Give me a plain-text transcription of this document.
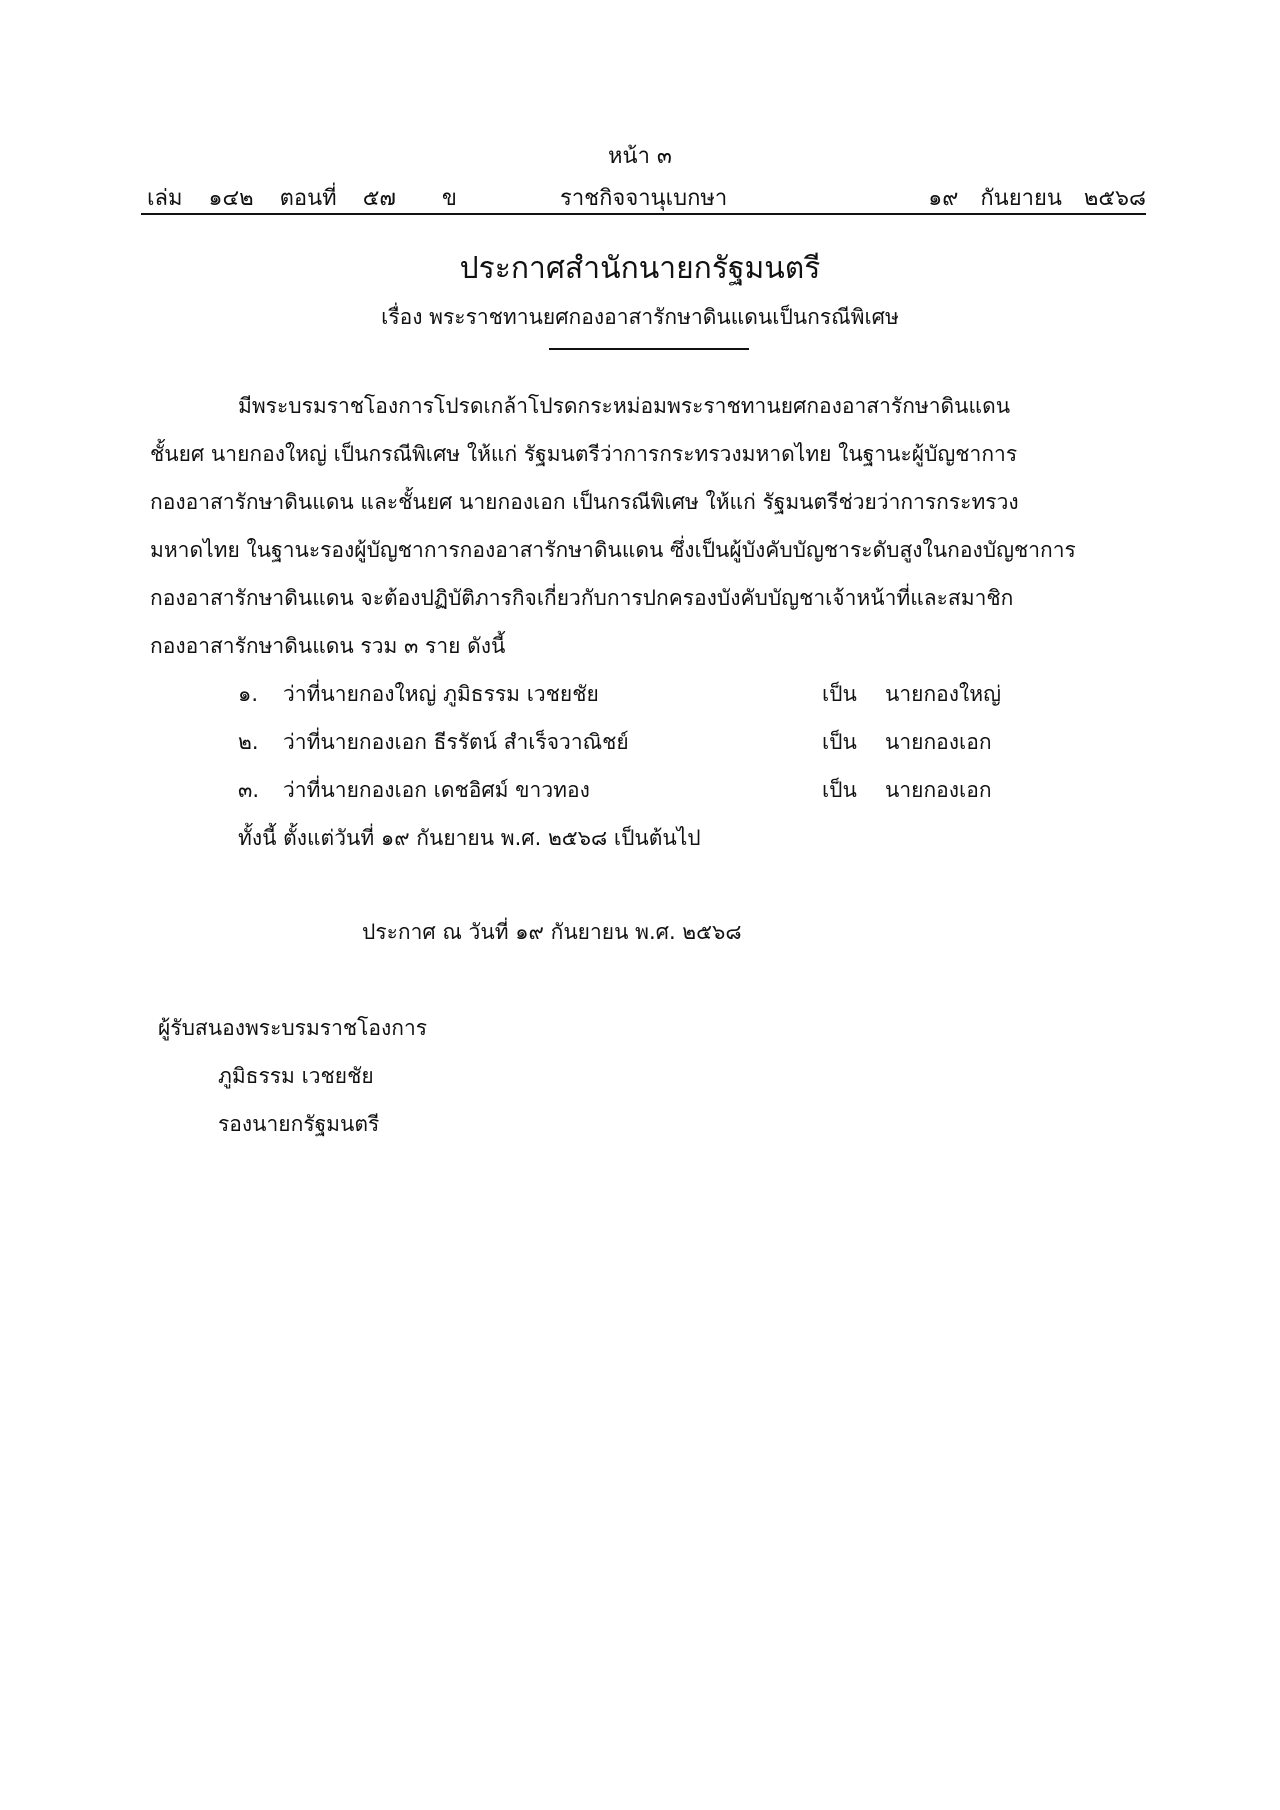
หน้า ๓
เล่ม ๑๔๒ ตอนที่ ๕๗ ข	ราชกิจจานุเบกษา	๑๙ กันยายน ๒๕๖๘
ประกาศสำนักนายกรัฐมนตรี
เรื่อง พระราชทานยศกองอาสารักษาดินแดนเป็นกรณีพิเศษ
มีพระบรมราชโองการโปรดเกล้าโปรดกระหม่อมพระราชทานยศกองอาสารักษาดินแดน
ชั้นยศ นายกองใหญ่ เป็นกรณีพิเศษ ให้แก่ รัฐมนตรีว่าการกระทรวงมหาดไทย ในฐานะผู้บัญชาการ
กองอาสารักษาดินแดน และชั้นยศ นายกองเอก เป็นกรณีพิเศษ ให้แก่ รัฐมนตรีช่วยว่าการกระทรวง
มหาดไทย ในฐานะรองผู้บัญชาการกองอาสารักษาดินแดน ซึ่งเป็นผู้บังคับบัญชาระดับสูงในกองบัญชาการ
กองอาสารักษาดินแดน จะต้องปฏิบัติภารกิจเกี่ยวกับการปกครองบังคับบัญชาเจ้าหน้าที่และสมาชิก
กองอาสารักษาดินแดน รวม ๓ ราย ดังนี้
๑. ว่าที่นายกองใหญ่ ภูมิธรรม เวชยชัย	เป็น นายกองใหญ่
๒. ว่าที่นายกองเอก ธีรรัตน์ สำเร็จวาณิชย์	เป็น นายกองเอก
๓. ว่าที่นายกองเอก เดชอิศม์ ขาวทอง	เป็น นายกองเอก
ทั้งนี้ ตั้งแต่วันที่ ๑๙ กันยายน พ.ศ. ๒๕๖๘ เป็นต้นไป
ประกาศ ณ วันที่ ๑๙ กันยายน พ.ศ. ๒๕๖๘
ผู้รับสนองพระบรมราชโองการ
ภูมิธรรม เวชยชัย
รองนายกรัฐมนตรี
